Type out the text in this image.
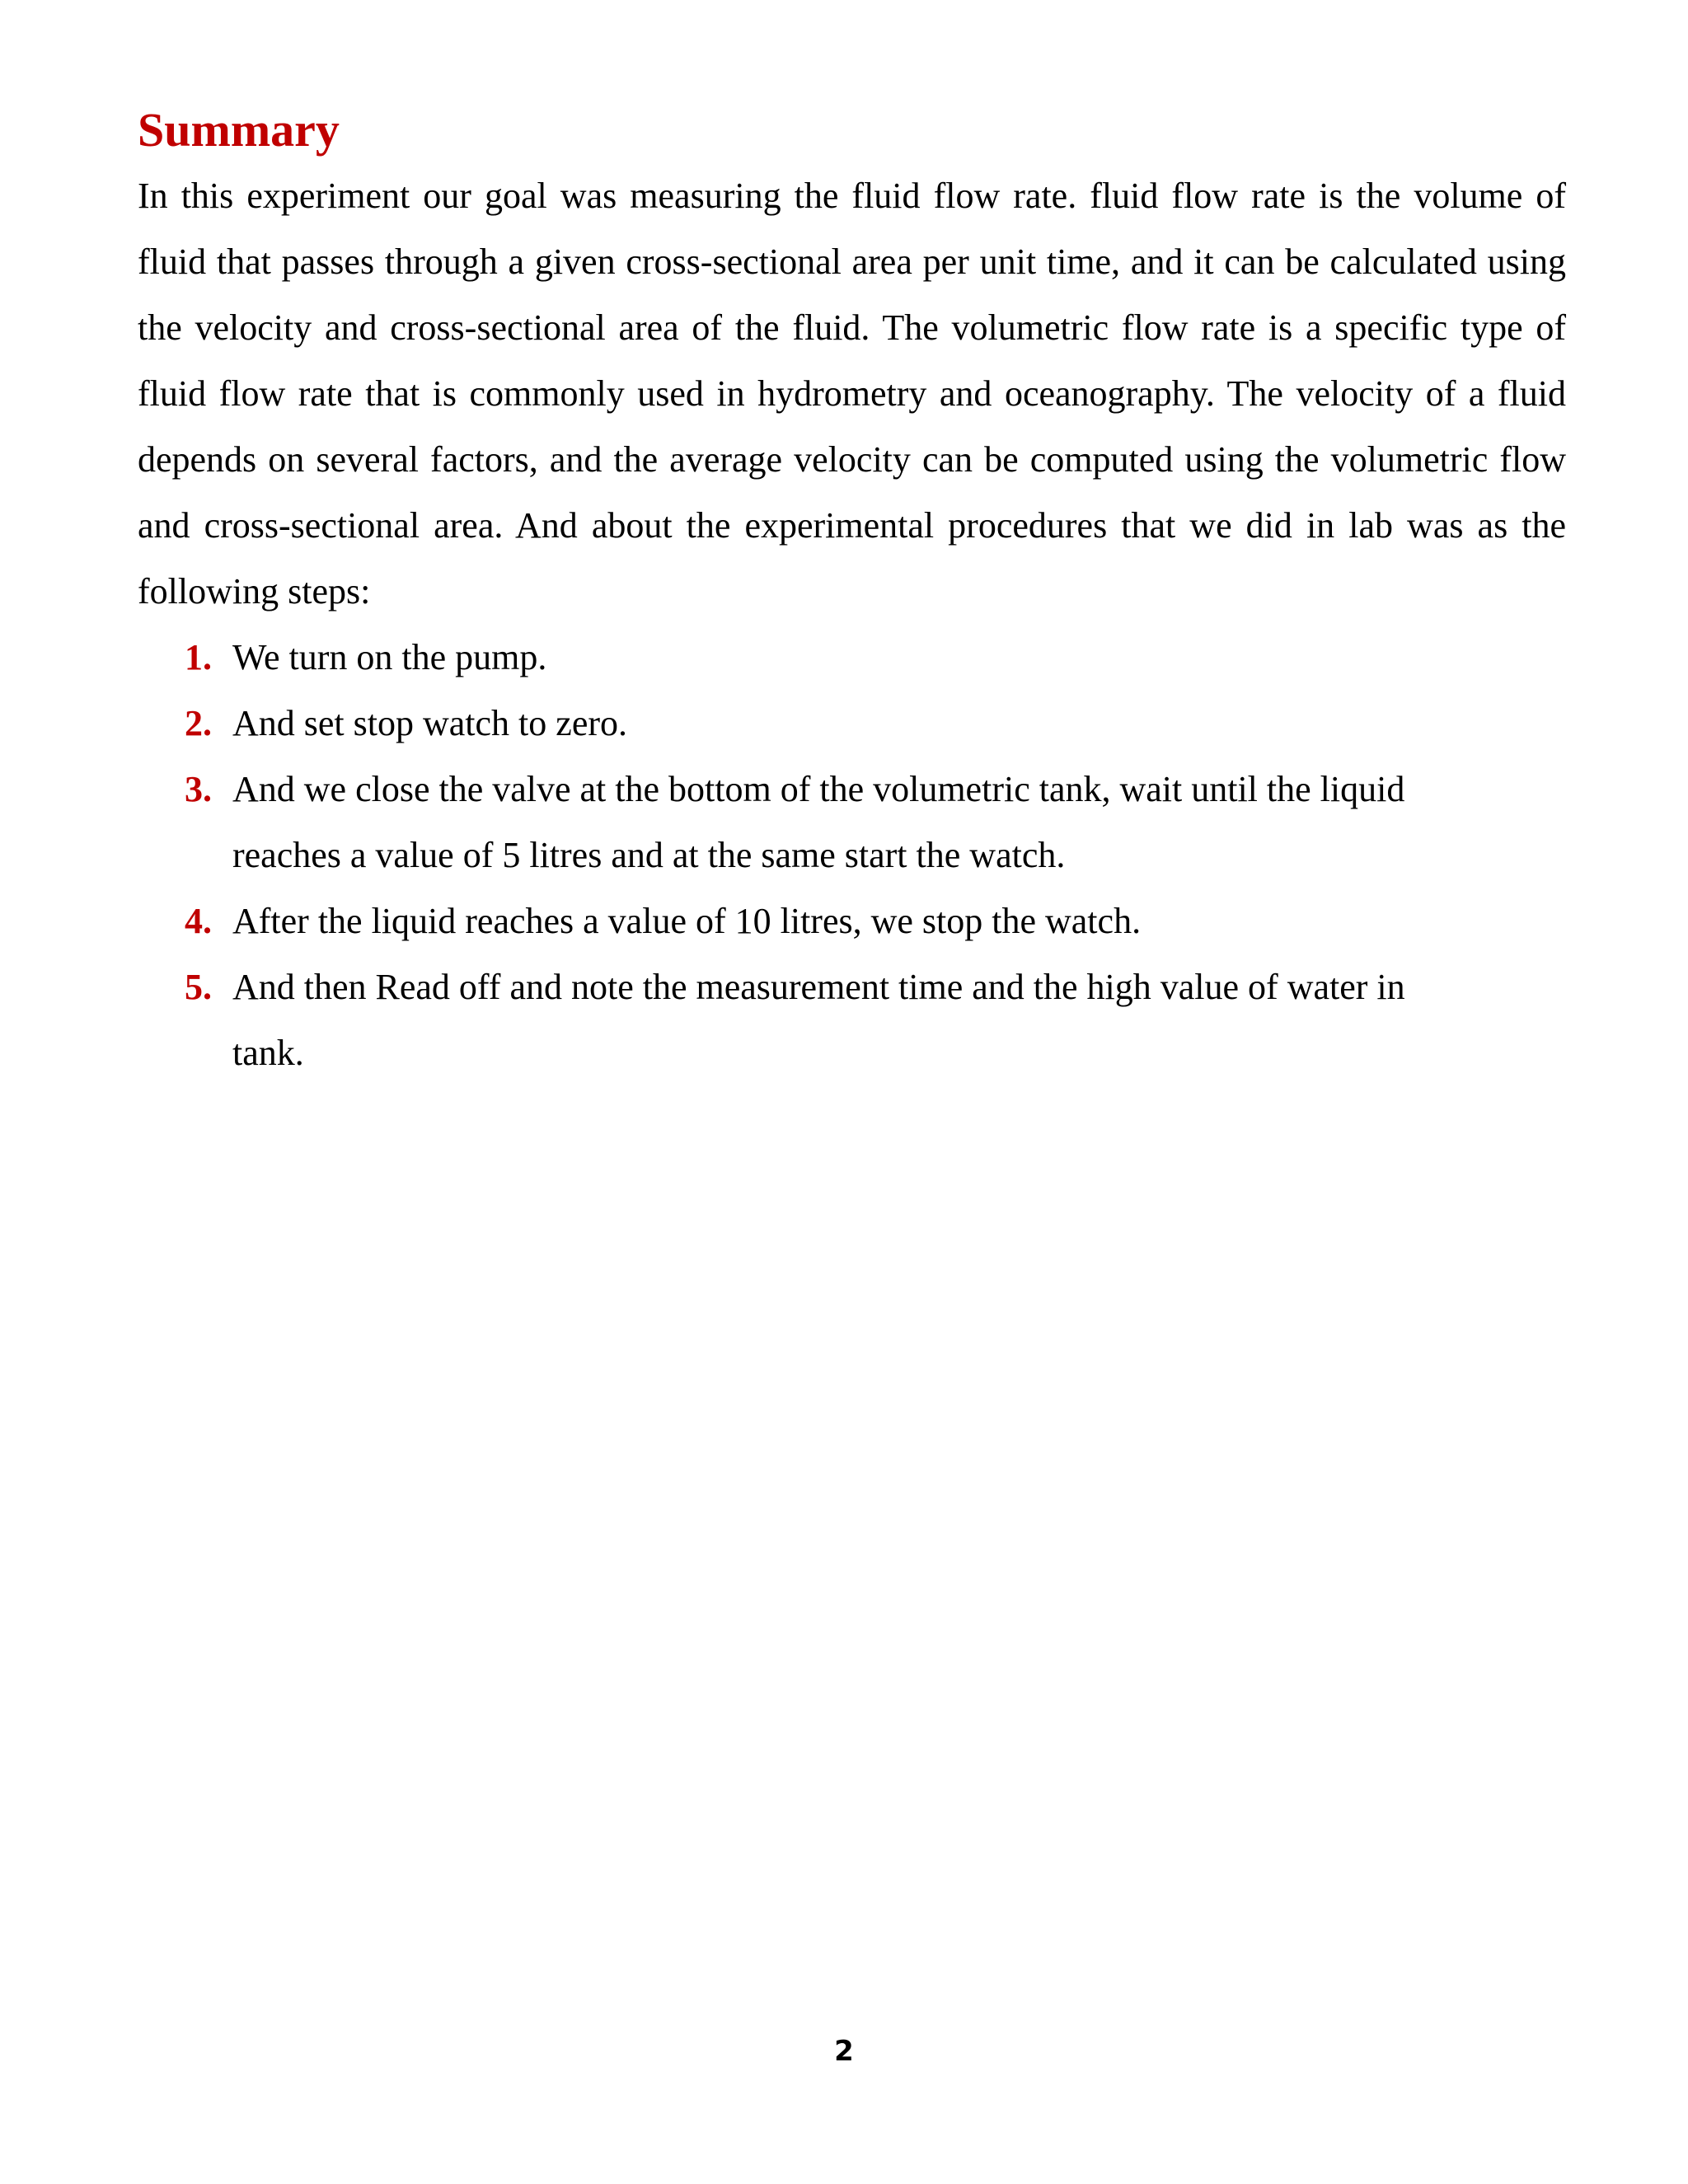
Summary

In this experiment our goal was measuring the fluid flow rate. fluid flow rate is the volume of fluid that passes through a given cross-sectional area per unit time, and it can be calculated using the velocity and cross-sectional area of the fluid. The volumetric flow rate is a specific type of fluid flow rate that is commonly used in hydrometry and oceanography. The velocity of a fluid depends on several factors, and the average velocity can be computed using the volumetric flow and cross-sectional area. And about the experimental procedures that we did in lab was as the following steps:

1. We turn on the pump.
2. And set stop watch to zero.
3. And we close the valve at the bottom of the volumetric tank, wait until the liquid reaches a value of 5 litres and at the same start the watch.
4. After the liquid reaches a value of 10 litres, we stop the watch.
5. And then Read off and note the measurement time and the high value of water in tank.
2
